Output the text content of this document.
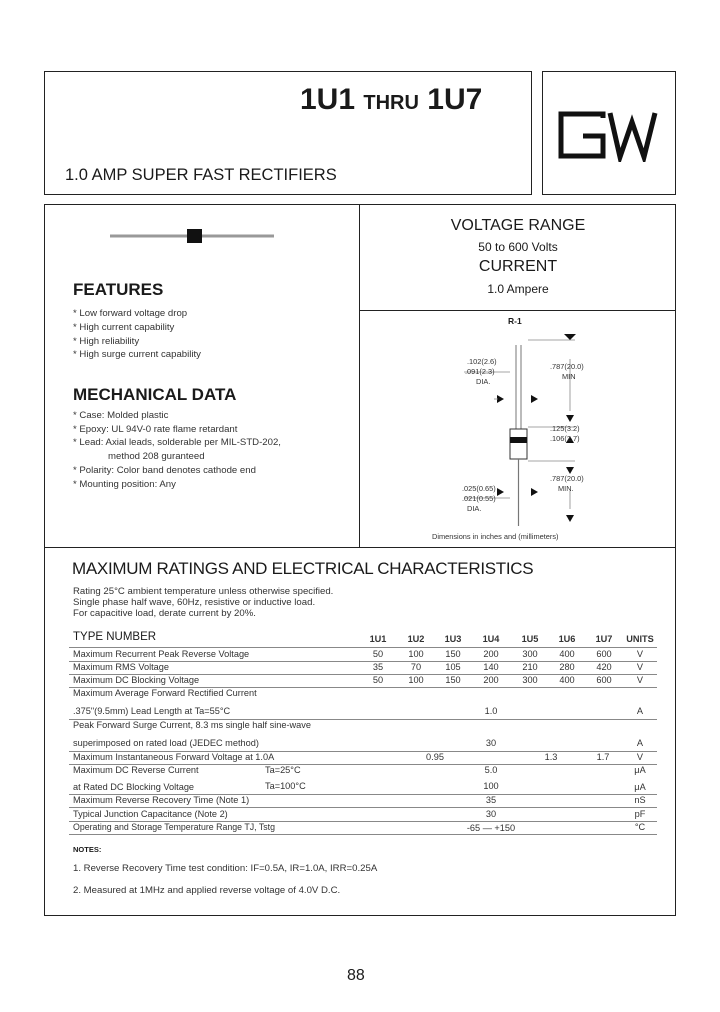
1U1 THRU 1U7
1.0 AMP SUPER FAST RECTIFIERS
GW
FEATURES
* Low forward voltage drop
* High current capability
* High reliability
* High surge current capability
MECHANICAL DATA
* Case: Molded plastic
* Epoxy: UL 94V-0 rate flame retardant
* Lead: Axial leads, solderable per MIL-STD-202,
method 208 guranteed
* Polarity: Color band denotes cathode end
* Mounting position: Any
VOLTAGE RANGE
50 to 600 Volts
CURRENT
1.0 Ampere
R-1
.102(2.6)
.091(2.3)
DIA.
.787(20.0)
MIN
.125(3.2)
.106(2.7)
.787(20.0)
MIN.
.025(0.65)
.021(0.55)
DIA.
Dimensions in inches and (millimeters)
MAXIMUM RATINGS AND ELECTRICAL CHARACTERISTICS
Rating 25°C ambient temperature unless otherwise specified.
Single phase half wave, 60Hz, resistive or inductive load.
For capacitive load, derate current by 20%.
TYPE NUMBER	1U1	1U2	1U3	1U4	1U5	1U6	1U7	UNITS
Maximum Recurrent Peak Reverse Voltage	50	100	150	200	300	400	600	V
Maximum RMS Voltage	35	70	105	140	210	280	420	V
Maximum DC Blocking Voltage	50	100	150	200	300	400	600	V
Maximum Average Forward Rectified Current
.375"(9.5mm) Lead Length at Ta=55°C	1.0	A
Peak Forward Surge Current, 8.3 ms single half sine-wave
superimposed on rated load (JEDEC method)	30	A
Maximum Instantaneous Forward Voltage at 1.0A	0.95	1.3	1.7	V
Maximum DC Reverse Current	Ta=25°C	5.0	μA
at Rated DC Blocking Voltage	Ta=100°C	100	μA
Maximum Reverse Recovery Time (Note 1)	35	nS
Typical Junction Capacitance (Note 2)	30	pF
Operating and Storage Temperature Range TJ, Tstg	-65 — +150	°C
NOTES:
1. Reverse Recovery Time test condition: IF=0.5A, IR=1.0A, IRR=0.25A
2. Measured at 1MHz and applied reverse voltage of 4.0V D.C.
88
